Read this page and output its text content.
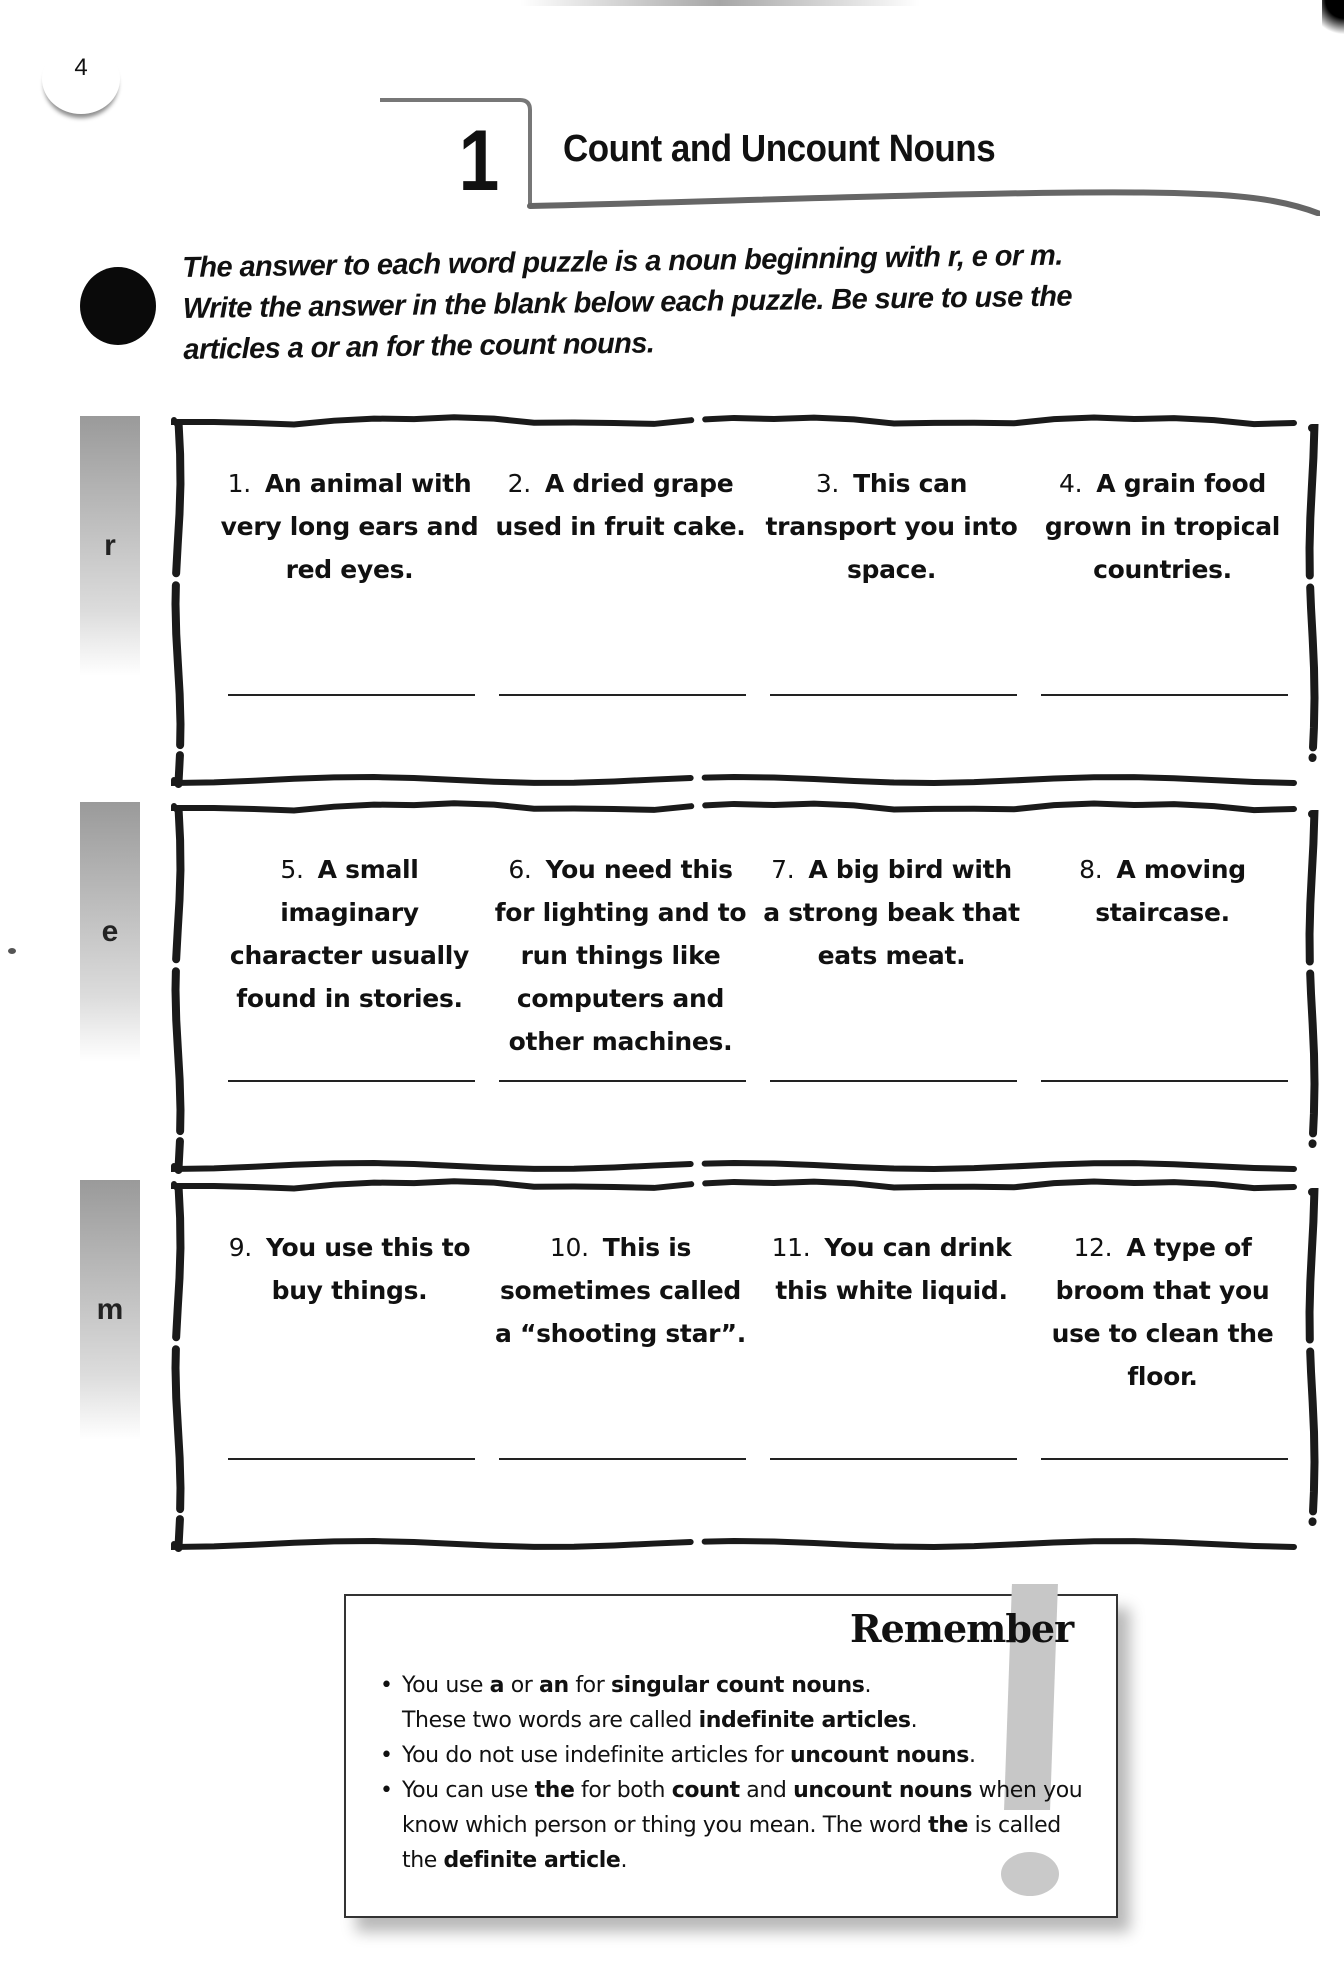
4
1 Count and Uncount Nouns
The answer to each word puzzle is a noun beginning with r, e or m.
Write the answer in the blank below each puzzle. Be sure to use the
articles a or an for the count nouns.
r
1. An animal with very long ears and red eyes.
2. A dried grape used in fruit cake.
3. This can transport you into space.
4. A grain food grown in tropical countries.
e
5. A small imaginary character usually found in stories.
6. You need this for lighting and to run things like computers and other machines.
7. A big bird with a strong beak that eats meat.
8. A moving staircase.
m
9. You use this to buy things.
10. This is sometimes called a “shooting star”.
11. You can drink this white liquid.
12. A type of broom that you use to clean the floor.
Remember
• You use a or an for singular count nouns.
These two words are called indefinite articles.
• You do not use indefinite articles for uncount nouns.
• You can use the for both count and uncount nouns when you know which person or thing you mean. The word the is called the definite article.
